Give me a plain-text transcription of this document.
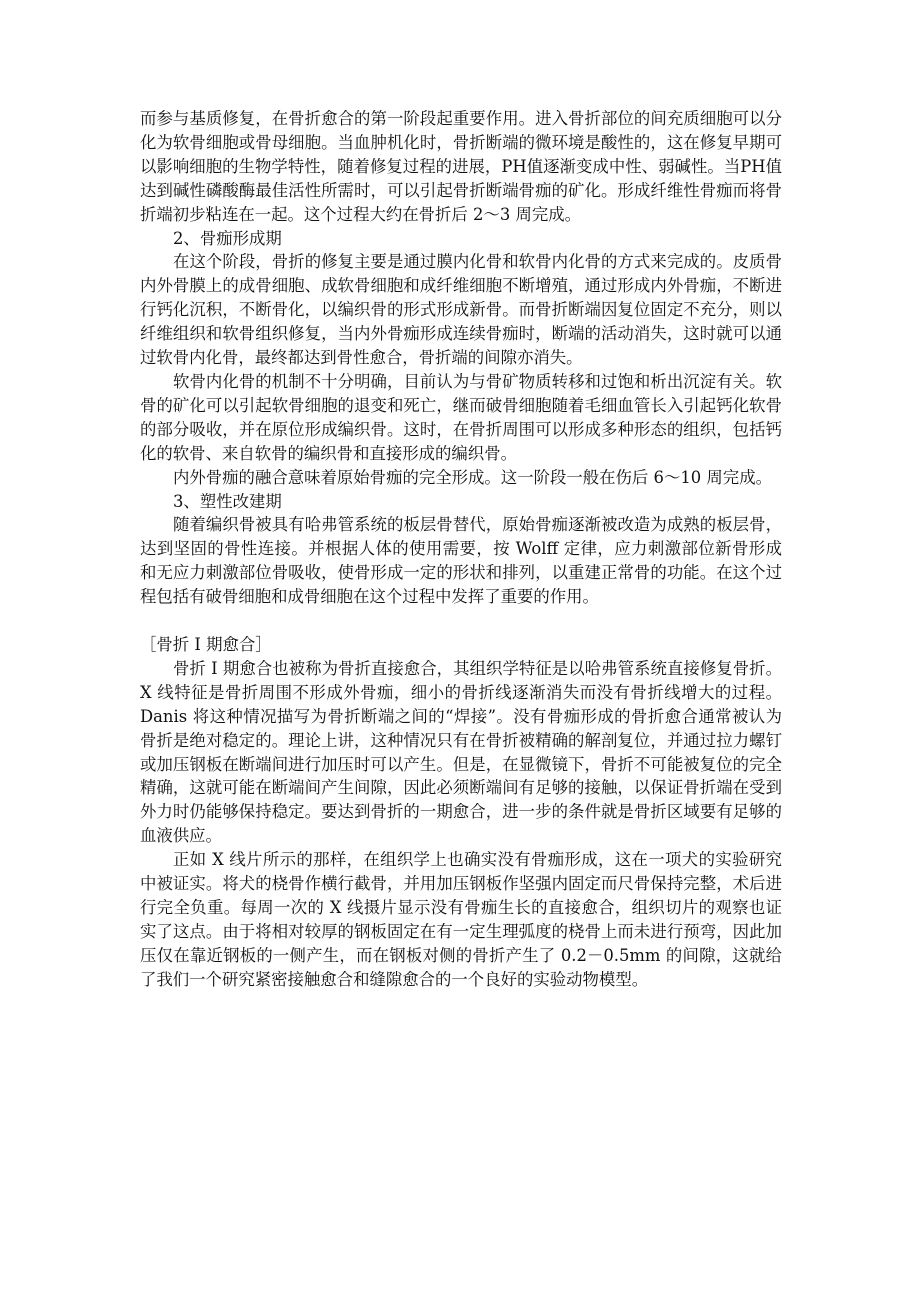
而参与基质修复，在骨折愈合的第一阶段起重要作用。进入骨折部位的间充质细胞可以分化为软骨细胞或骨母细胞。当血肿机化时，骨折断端的微环境是酸性的，这在修复早期可以影响细胞的生物学特性，随着修复过程的进展，PH值逐渐变成中性、弱碱性。当PH值达到碱性磷酸酶最佳活性所需时，可以引起骨折断端骨痂的矿化。形成纤维性骨痂而将骨折端初步粘连在一起。这个过程大约在骨折后 2～3 周完成。

2、骨痂形成期

在这个阶段，骨折的修复主要是通过膜内化骨和软骨内化骨的方式来完成的。皮质骨内外骨膜上的成骨细胞、成软骨细胞和成纤维细胞不断增殖，通过形成内外骨痂，不断进行钙化沉积，不断骨化，以编织骨的形式形成新骨。而骨折断端因复位固定不充分，则以纤维组织和软骨组织修复，当内外骨痂形成连续骨痂时，断端的活动消失，这时就可以通过软骨内化骨，最终都达到骨性愈合，骨折端的间隙亦消失。

软骨内化骨的机制不十分明确，目前认为与骨矿物质转移和过饱和析出沉淀有关。软骨的矿化可以引起软骨细胞的退变和死亡，继而破骨细胞随着毛细血管长入引起钙化软骨的部分吸收，并在原位形成编织骨。这时，在骨折周围可以形成多种形态的组织，包括钙化的软骨、来自软骨的编织骨和直接形成的编织骨。

内外骨痂的融合意味着原始骨痂的完全形成。这一阶段一般在伤后 6～10 周完成。

3、塑性改建期

随着编织骨被具有哈弗管系统的板层骨替代，原始骨痂逐渐被改造为成熟的板层骨，达到坚固的骨性连接。并根据人体的使用需要，按 Wolff 定律，应力刺激部位新骨形成和无应力刺激部位骨吸收，使骨形成一定的形状和排列，以重建正常骨的功能。在这个过程包括有破骨细胞和成骨细胞在这个过程中发挥了重要的作用。

［骨折 I 期愈合］

骨折 I 期愈合也被称为骨折直接愈合，其组织学特征是以哈弗管系统直接修复骨折。X 线特征是骨折周围不形成外骨痂，细小的骨折线逐渐消失而没有骨折线增大的过程。Danis 将这种情况描写为骨折断端之间的“焊接”。没有骨痂形成的骨折愈合通常被认为骨折是绝对稳定的。理论上讲，这种情况只有在骨折被精确的解剖复位，并通过拉力螺钉或加压钢板在断端间进行加压时可以产生。但是，在显微镜下，骨折不可能被复位的完全精确，这就可能在断端间产生间隙，因此必须断端间有足够的接触，以保证骨折端在受到外力时仍能够保持稳定。要达到骨折的一期愈合，进一步的条件就是骨折区域要有足够的血液供应。

正如 X 线片所示的那样，在组织学上也确实没有骨痂形成，这在一项犬的实验研究中被证实。将犬的桡骨作横行截骨，并用加压钢板作坚强内固定而尺骨保持完整，术后进行完全负重。每周一次的 X 线摄片显示没有骨痂生长的直接愈合，组织切片的观察也证实了这点。由于将相对较厚的钢板固定在有一定生理弧度的桡骨上而未进行预弯，因此加压仅在靠近钢板的一侧产生，而在钢板对侧的骨折产生了 0.2－0.5mm 的间隙，这就给了我们一个研究紧密接触愈合和缝隙愈合的一个良好的实验动物模型。
